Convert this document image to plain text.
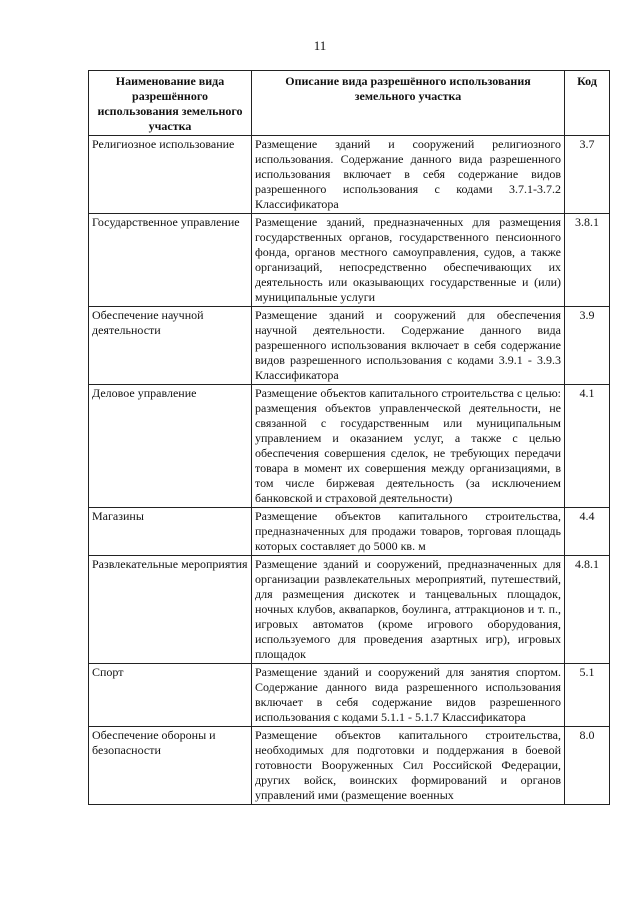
11
Наименование вида разрешённого использования земельного участка	Описание вида разрешённого использования земельного участка	Код
Религиозное использование	Размещение зданий и сооружений религиозного использования. Содержание данного вида разрешенного использования включает в себя содержание видов разрешенного использования с кодами 3.7.1-3.7.2 Классификатора	3.7
Государственное управление	Размещение зданий, предназначенных для размещения государственных органов, государственного пенсионного фонда, органов местного самоуправления, судов, а также организаций, непосредственно обеспечивающих их деятельность или оказывающих государственные и (или) муниципальные услуги	3.8.1
Обеспечение научной деятельности	Размещение зданий и сооружений для обеспечения научной деятельности. Содержание данного вида разрешенного использования включает в себя содержание видов разрешенного использования с кодами 3.9.1 - 3.9.3 Классификатора	3.9
Деловое управление	Размещение объектов капитального строительства с целью: размещения объектов управленческой деятельности, не связанной с государственным или муниципальным управлением и оказанием услуг, а также с целью обеспечения совершения сделок, не требующих передачи товара в момент их совершения между организациями, в том числе биржевая деятельность (за исключением банковской и страховой деятельности)	4.1
Магазины	Размещение объектов капитального строительства, предназначенных для продажи товаров, торговая площадь которых составляет до 5000 кв. м	4.4
Развлекательные мероприятия	Размещение зданий и сооружений, предназначенных для организации развлекательных мероприятий, путешествий, для размещения дискотек и танцевальных площадок, ночных клубов, аквапарков, боулинга, аттракционов и т. п., игровых автоматов (кроме игрового оборудования, используемого для проведения азартных игр), игровых площадок	4.8.1
Спорт	Размещение зданий и сооружений для занятия спортом. Содержание данного вида разрешенного использования включает в себя содержание видов разрешенного использования с кодами 5.1.1 - 5.1.7 Классификатора	5.1
Обеспечение обороны и безопасности	Размещение объектов капитального строительства, необходимых для подготовки и поддержания в боевой готовности Вооруженных Сил Российской Федерации, других войск, воинских формирований и органов управлений ими (размещение военных	8.0
